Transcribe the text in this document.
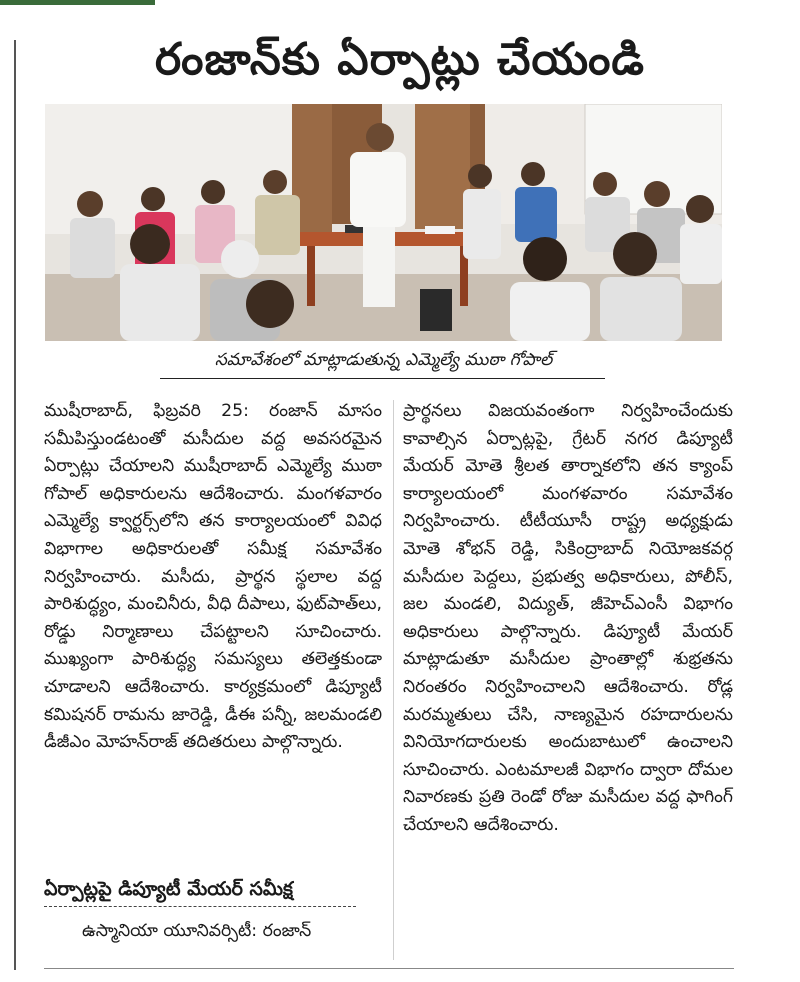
రంజాన్‌కు ఏర్పాట్లు చేయండి
సమావేశంలో మాట్లాడుతున్న ఎమ్మెల్యే ముఠా గోపాల్
ముషీరాబాద్, ఫిబ్రవరి 25: రంజాన్ మాసం సమీపిస్తుండటంతో మసీదుల వద్ద అవసరమైన ఏర్పాట్లు చేయాలని ముషీరాబాద్ ఎమ్మెల్యే ముఠా గోపాల్ అధికారులను ఆదేశించారు. మంగళవారం ఎమ్మెల్యే క్వార్టర్స్‌లోని తన కార్యాలయంలో వివిధ విభాగాల అధికారులతో సమీక్ష సమావేశం నిర్వహించారు. మసీదు, ప్రార్థన స్థలాల వద్ద పారిశుద్ధ్యం, మంచినీరు, వీధి దీపాలు, ఫుట్‌పాత్‌లు, రోడ్డు నిర్మాణాలు చేపట్టాలని సూచించారు. ముఖ్యంగా పారిశుద్ధ్య సమస్యలు తలెత్తకుండా చూడాలని ఆదేశించారు. కార్యక్రమంలో డిప్యూటీ కమిషనర్ రామను జారెడ్డి, డీఈ పన్నీ, జలమండలి డీజీఎం మోహన్‌రాజ్ తదితరులు పాల్గొన్నారు.
ఏర్పాట్లపై డిప్యూటీ మేయర్ సమీక్ష
ఉస్మానియా యూనివర్సిటీ: రంజాన్
ప్రార్థనలు విజయవంతంగా నిర్వహించేందుకు కావాల్సిన ఏర్పాట్లపై, గ్రేటర్ నగర డిప్యూటీ మేయర్ మోతె శ్రీలత తార్నాకలోని తన క్యాంప్ కార్యాలయంలో మంగళవారం సమావేశం నిర్వహించారు. టీటీయూసీ రాష్ట్ర అధ్యక్షుడు మోతె శోభన్ రెడ్డి, సికింద్రాబాద్ నియోజకవర్గ మసీదుల పెద్దలు, ప్రభుత్వ అధికారులు, పోలీస్, జల మండలి, విద్యుత్, జీహెచ్ఎంసీ విభాగం అధికారులు పాల్గొన్నారు. డిప్యూటీ మేయర్ మాట్లాడుతూ మసీదుల ప్రాంతాల్లో శుభ్రతను నిరంతరం నిర్వహించాలని ఆదేశించారు. రోడ్ల మరమ్మతులు చేసి, నాణ్యమైన రహదారులను వినియోగదారులకు అందుబాటులో ఉంచాలని సూచించారు. ఎంటమాలజీ విభాగం ద్వారా దోమల నివారణకు ప్రతి రెండో రోజు మసీదుల వద్ద ఫాగింగ్ చేయాలని ఆదేశించారు.
